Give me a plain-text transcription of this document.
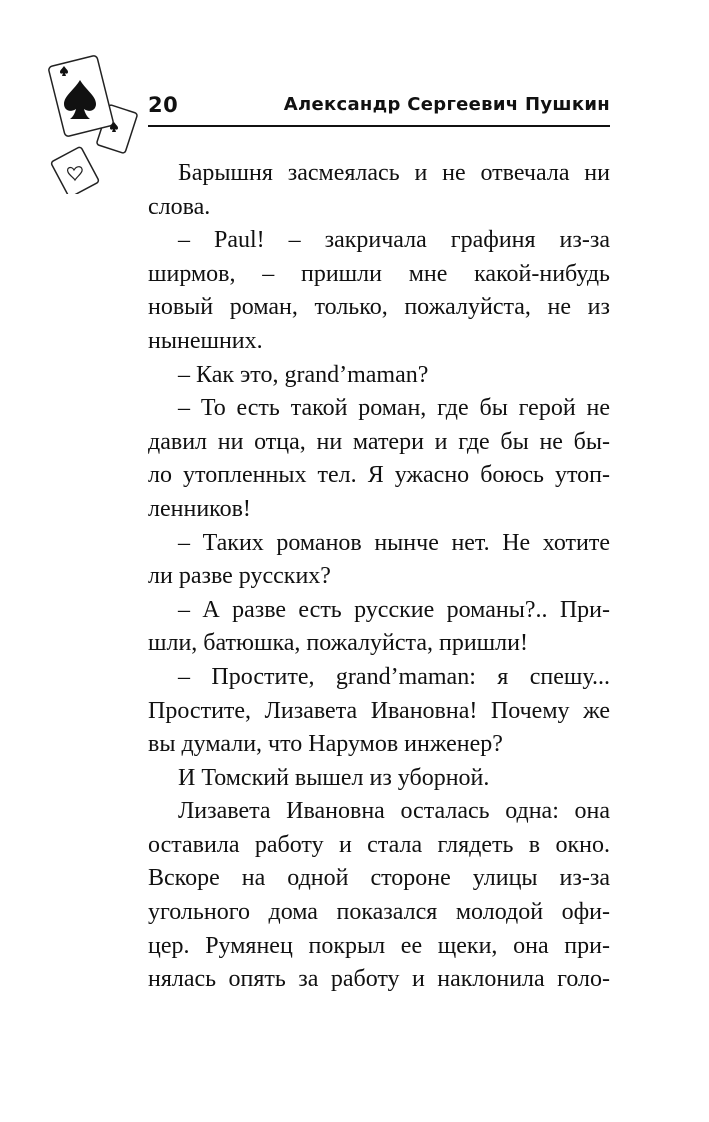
20	Александр Сергеевич Пушкин
Барышня засмеялась и не отвечала ни
слова.
– Paul! – закричала графиня из-за
ширмов, – пришли мне какой-нибудь
новый роман, только, пожалуйста, не из
нынешних.
– Как это, grand’maman?
– То есть такой роман, где бы герой не
давил ни отца, ни матери и где бы не бы-
ло утопленных тел. Я ужасно боюсь утоп-
ленников!
– Таких романов нынче нет. Не хотите
ли разве русских?
– А разве есть русские романы?.. При-
шли, батюшка, пожалуйста, пришли!
– Простите, grand’maman: я спешу...
Простите, Лизавета Ивановна! Почему же
вы думали, что Нарумов инженер?
И Томский вышел из уборной.
Лизавета Ивановна осталась одна: она
оставила работу и стала глядеть в окно.
Вскоре на одной стороне улицы из-за
угольного дома показался молодой офи-
цер. Румянец покрыл ее щеки, она при-
нялась опять за работу и наклонила голо-
